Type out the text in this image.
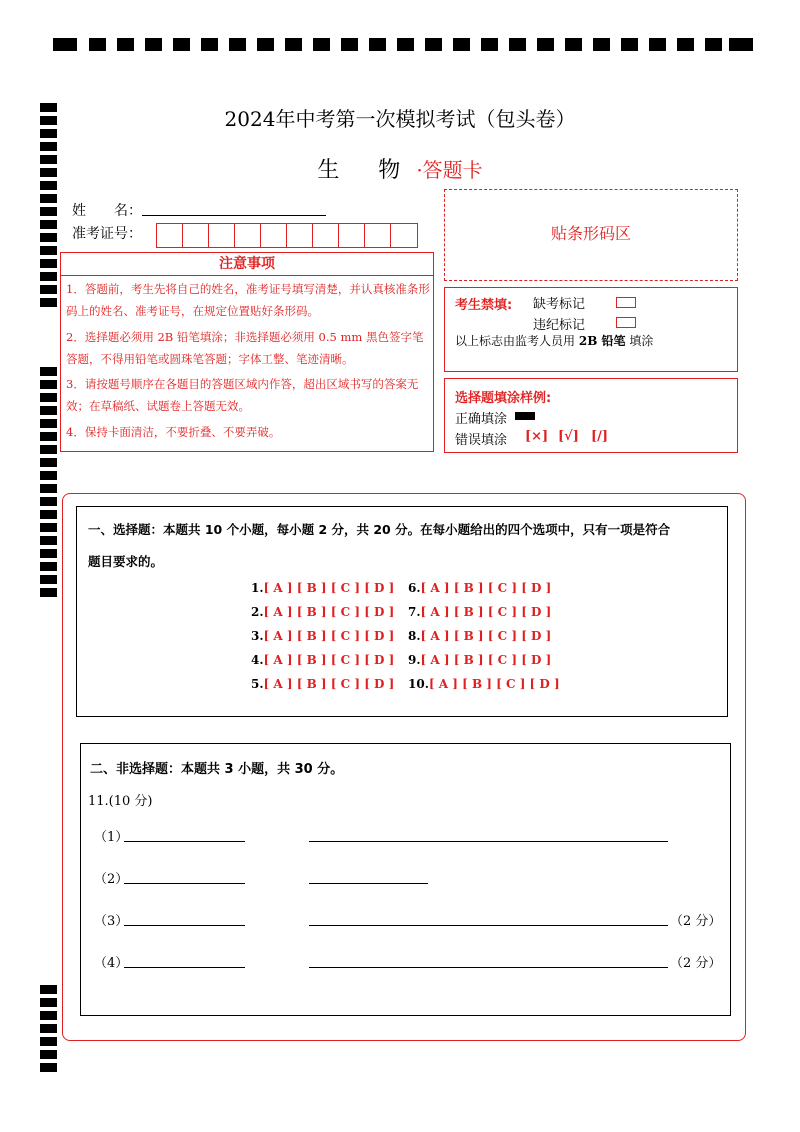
2024年中考第一次模拟考试（包头卷）
生 物·答题卡
姓　　名：
准考证号：
注意事项
1．答题前，考生先将自己的姓名，准考证号填写清楚，并认真核准条形码上的姓名、准考证号，在规定位置贴好条形码。
2．选择题必须用 2B 铅笔填涂；非选择题必须用 0.5 mm 黑色签字笔答题，不得用铅笔或圆珠笔答题；字体工整、笔迹清晰。
3．请按题号顺序在各题目的答题区域内作答，超出区域书写的答案无效；在草稿纸、试题卷上答题无效。
4．保持卡面清洁，不要折叠、不要弄破。
贴条形码区
考生禁填: 缺考标记
违纪标记
以上标志由监考人员用 2B 铅笔 填涂
选择题填涂样例:
正确填涂
错误填涂 [×] [√] [/]
一、选择题：本题共 10 个小题，每小题 2 分，共 20 分。在每小题给出的四个选项中，只有一项是符合
题目要求的。
1.[ A ] [ B ] [ C ] [ D ]
2.[ A ] [ B ] [ C ] [ D ]
3.[ A ] [ B ] [ C ] [ D ]
4.[ A ] [ B ] [ C ] [ D ]
5.[ A ] [ B ] [ C ] [ D ]
6.[ A ] [ B ] [ C ] [ D ]
7.[ A ] [ B ] [ C ] [ D ]
8.[ A ] [ B ] [ C ] [ D ]
9.[ A ] [ B ] [ C ] [ D ]
10.[ A ] [ B ] [ C ] [ D ]
二、非选择题：本题共 3 小题，共 30 分。
11.(10 分)
（1）
（2）
（3）	（2 分）
（4）	（2 分）
